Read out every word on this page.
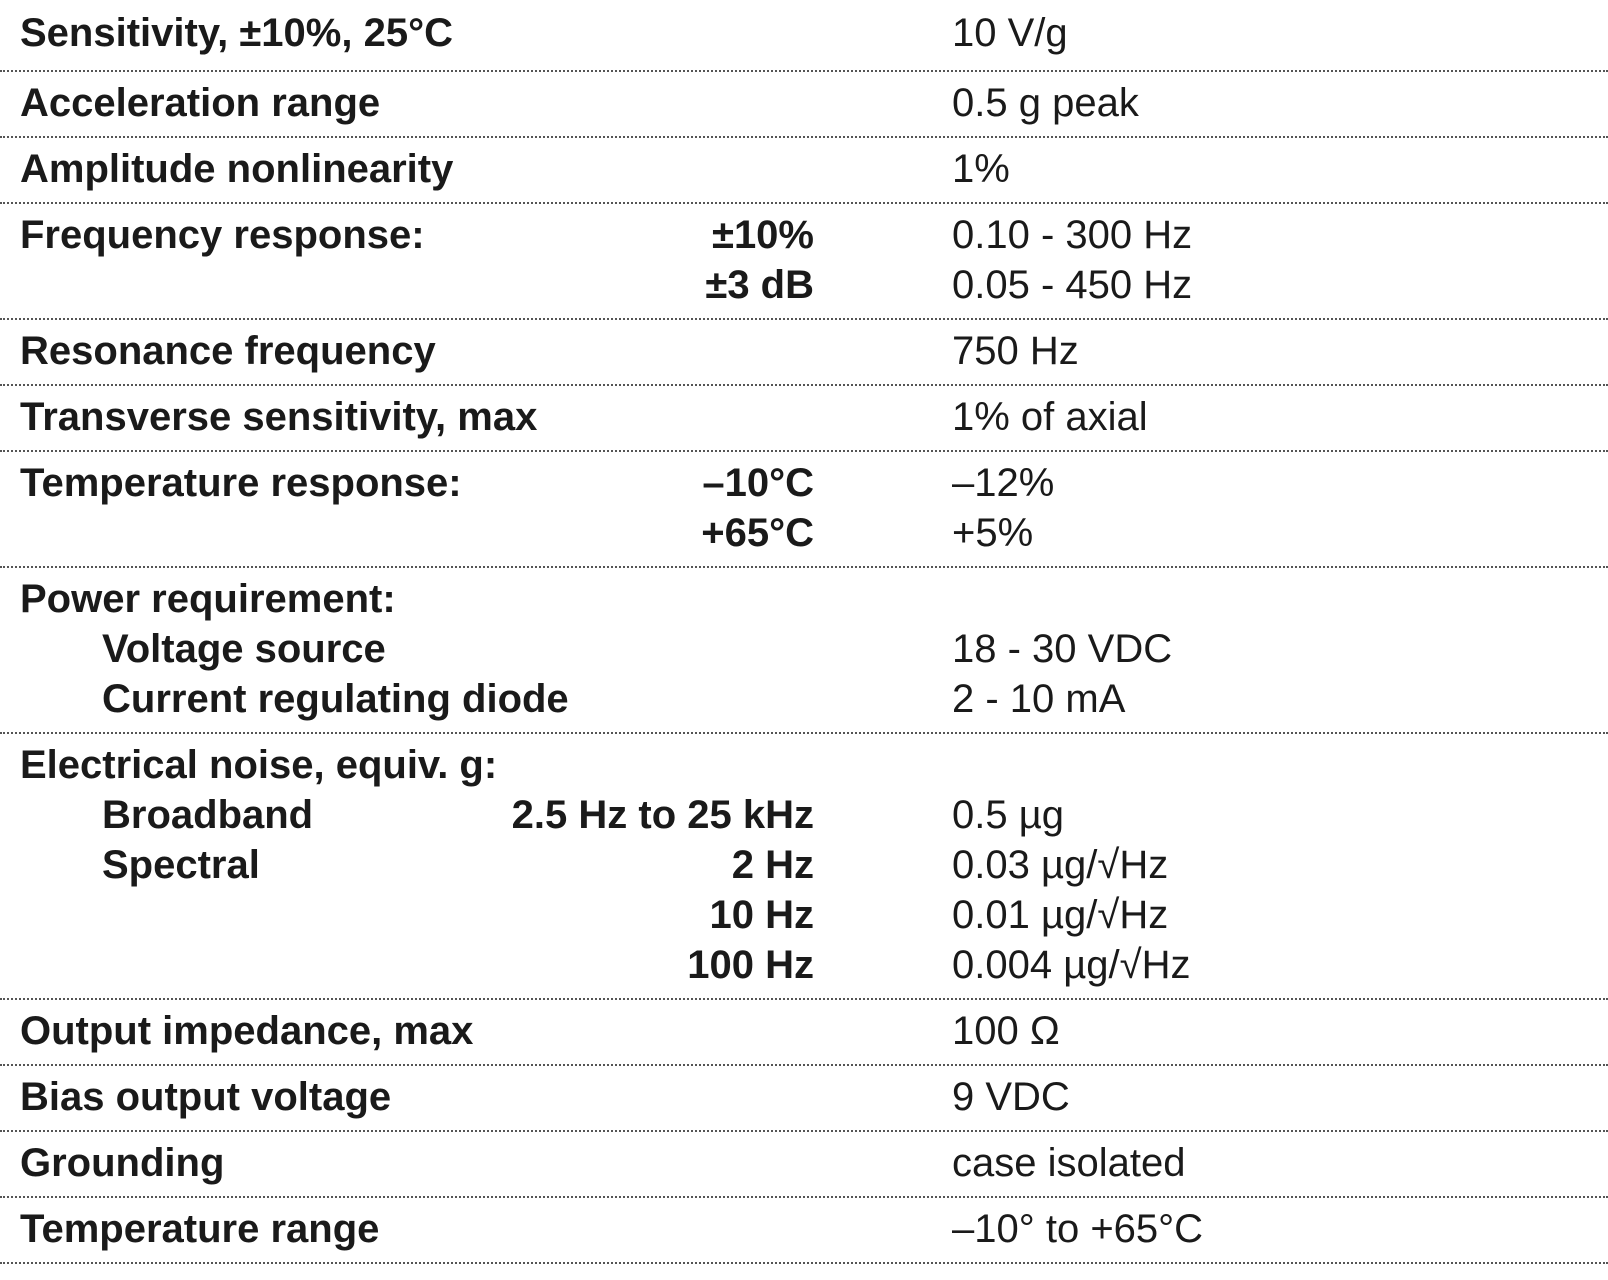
Sensitivity, ±10%, 25°C	10 V/g
Acceleration range	0.5 g peak
Amplitude nonlinearity	1%
Frequency response:	±10%	0.10 - 300 Hz
±3 dB	0.05 - 450 Hz
Resonance frequency	750 Hz
Transverse sensitivity, max	1% of axial
Temperature response:	–10°C	–12%
+65°C	+5%
Power requirement:
Voltage source	18 - 30 VDC
Current regulating diode	2 - 10 mA
Electrical noise, equiv. g:
Broadband	2.5 Hz to 25 kHz	0.5 µg
Spectral	2 Hz	0.03 µg/√Hz
10 Hz	0.01 µg/√Hz
100 Hz	0.004 µg/√Hz
Output impedance, max	100 Ω
Bias output voltage	9 VDC
Grounding	case isolated
Temperature range	–10° to +65°C
